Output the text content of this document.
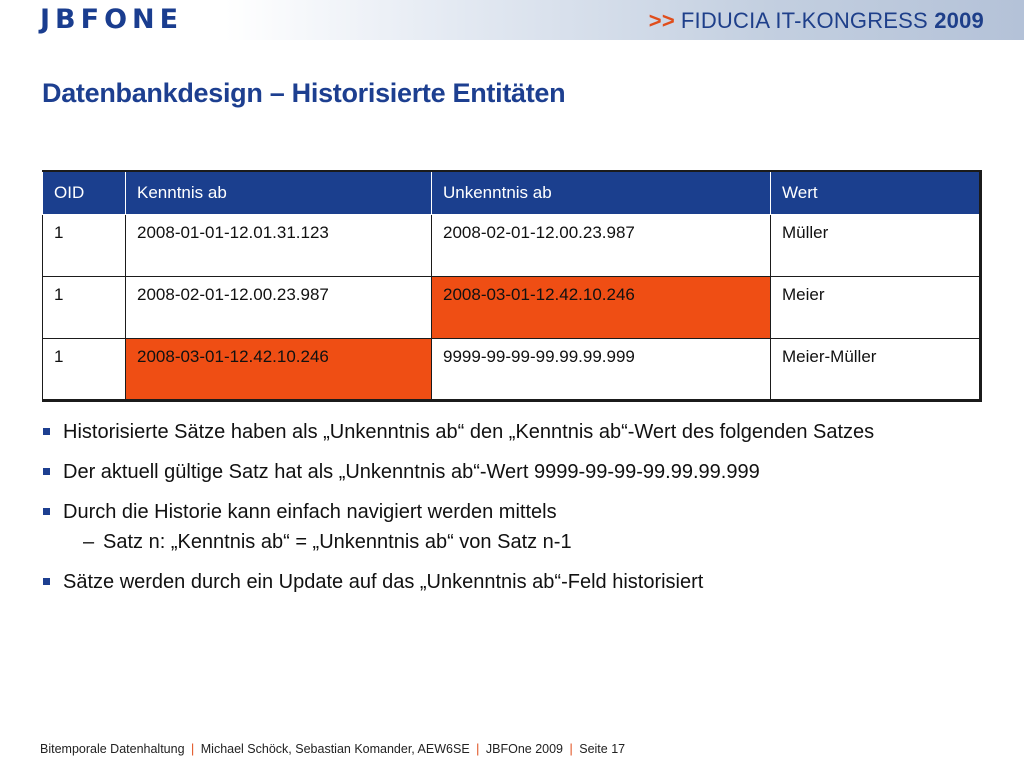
JBFONE	>> FIDUCIA IT-KONGRESS 2009
Datenbankdesign – Historisierte Entitäten
OID	Kenntnis ab	Unkenntnis ab	Wert
1	2008-01-01-12.01.31.123	2008-02-01-12.00.23.987	Müller
1	2008-02-01-12.00.23.987	2008-03-01-12.42.10.246	Meier
1	2008-03-01-12.42.10.246	9999-99-99-99.99.99.999	Meier-Müller
Historisierte Sätze haben als „Unkenntnis ab“ den „Kenntnis ab“-Wert des folgenden Satzes
Der aktuell gültige Satz hat als „Unkenntnis ab“-Wert 9999-99-99-99.99.99.999
Durch die Historie kann einfach navigiert werden mittels
– Satz n: „Kenntnis ab“ = „Unkenntnis ab“ von Satz n-1
Sätze werden durch ein Update auf das „Unkenntnis ab“-Feld historisiert
Bitemporale Datenhaltung | Michael Schöck, Sebastian Komander, AEW6SE | JBFOne 2009 | Seite 17
